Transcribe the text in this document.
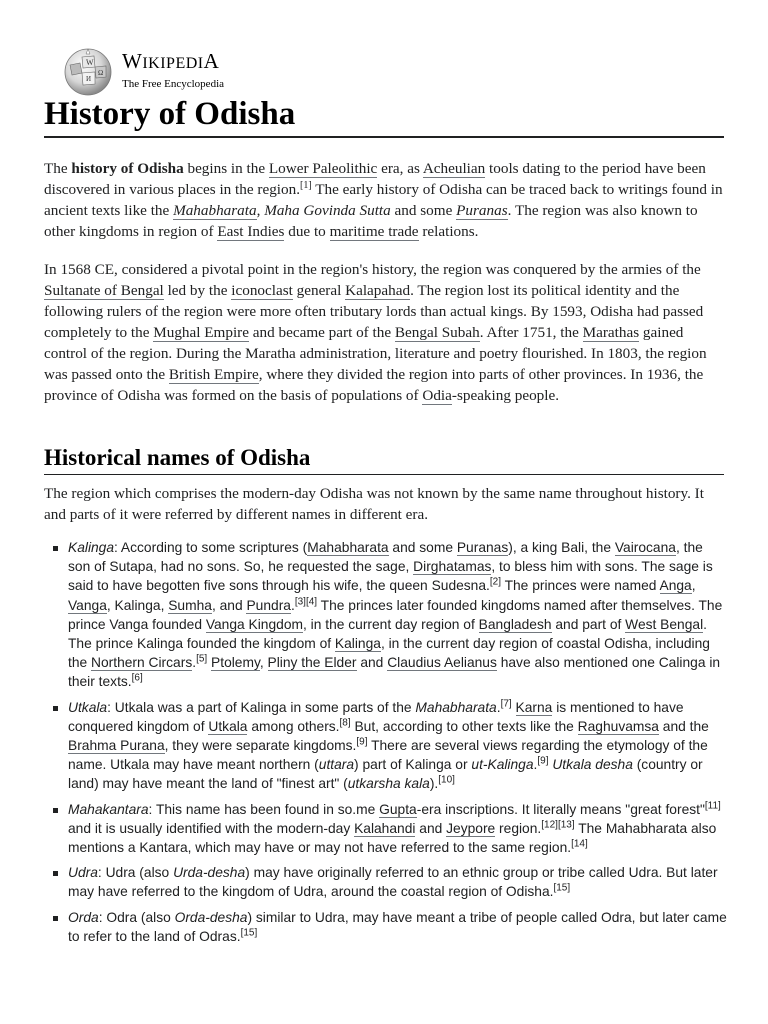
W
Ω
И
WIKIPEDIA
The Free Encyclopedia
History of Odisha

The history of Odisha begins in the Lower Paleolithic era, as Acheulian tools dating to the period have been discovered in various places in the region.[1] The early history of Odisha can be traced back to writings found in ancient texts like the Mahabharata, Maha Govinda Sutta and some Puranas. The region was also known to other kingdoms in region of East Indies due to maritime trade relations.

In 1568 CE, considered a pivotal point in the region's history, the region was conquered by the armies of the Sultanate of Bengal led by the iconoclast general Kalapahad. The region lost its political identity and the following rulers of the region were more often tributary lords than actual kings. By 1593, Odisha had passed completely to the Mughal Empire and became part of the Bengal Subah. After 1751, the Marathas gained control of the region. During the Maratha administration, literature and poetry flourished. In 1803, the region was passed onto the British Empire, where they divided the region into parts of other provinces. In 1936, the province of Odisha was formed on the basis of populations of Odia-speaking people.

Historical names of Odisha

The region which comprises the modern-day Odisha was not known by the same name throughout history. It and parts of it were referred by different names in different era.

Kalinga: According to some scriptures (Mahabharata and some Puranas), a king Bali, the Vairocana, the son of Sutapa, had no sons. So, he requested the sage, Dirghatamas, to bless him with sons. The sage is said to have begotten five sons through his wife, the queen Sudesna.[2] The princes were named Anga, Vanga, Kalinga, Sumha, and Pundra.[3][4] The princes later founded kingdoms named after themselves. The prince Vanga founded Vanga Kingdom, in the current day region of Bangladesh and part of West Bengal. The prince Kalinga founded the kingdom of Kalinga, in the current day region of coastal Odisha, including the Northern Circars.[5] Ptolemy, Pliny the Elder and Claudius Aelianus have also mentioned one Calinga in their texts.[6]
Utkala: Utkala was a part of Kalinga in some parts of the Mahabharata.[7] Karna is mentioned to have conquered kingdom of Utkala among others.[8] But, according to other texts like the Raghuvamsa and the Brahma Purana, they were separate kingdoms.[9] There are several views regarding the etymology of the name. Utkala may have meant northern (uttara) part of Kalinga or ut-Kalinga.[9] Utkala desha (country or land) may have meant the land of "finest art" (utkarsha kala).[10]
Mahakantara: This name has been found in so.me Gupta-era inscriptions. It literally means "great forest"[11] and it is usually identified with the modern-day Kalahandi and Jeypore region.[12][13] The Mahabharata also mentions a Kantara, which may have or may not have referred to the same region.[14]
Udra: Udra (also Urda-desha) may have originally referred to an ethnic group or tribe called Udra. But later may have referred to the kingdom of Udra, around the coastal region of Odisha.[15]
Orda: Odra (also Orda-desha) similar to Udra, may have meant a tribe of people called Odra, but later came to refer to the land of Odras.[15]
